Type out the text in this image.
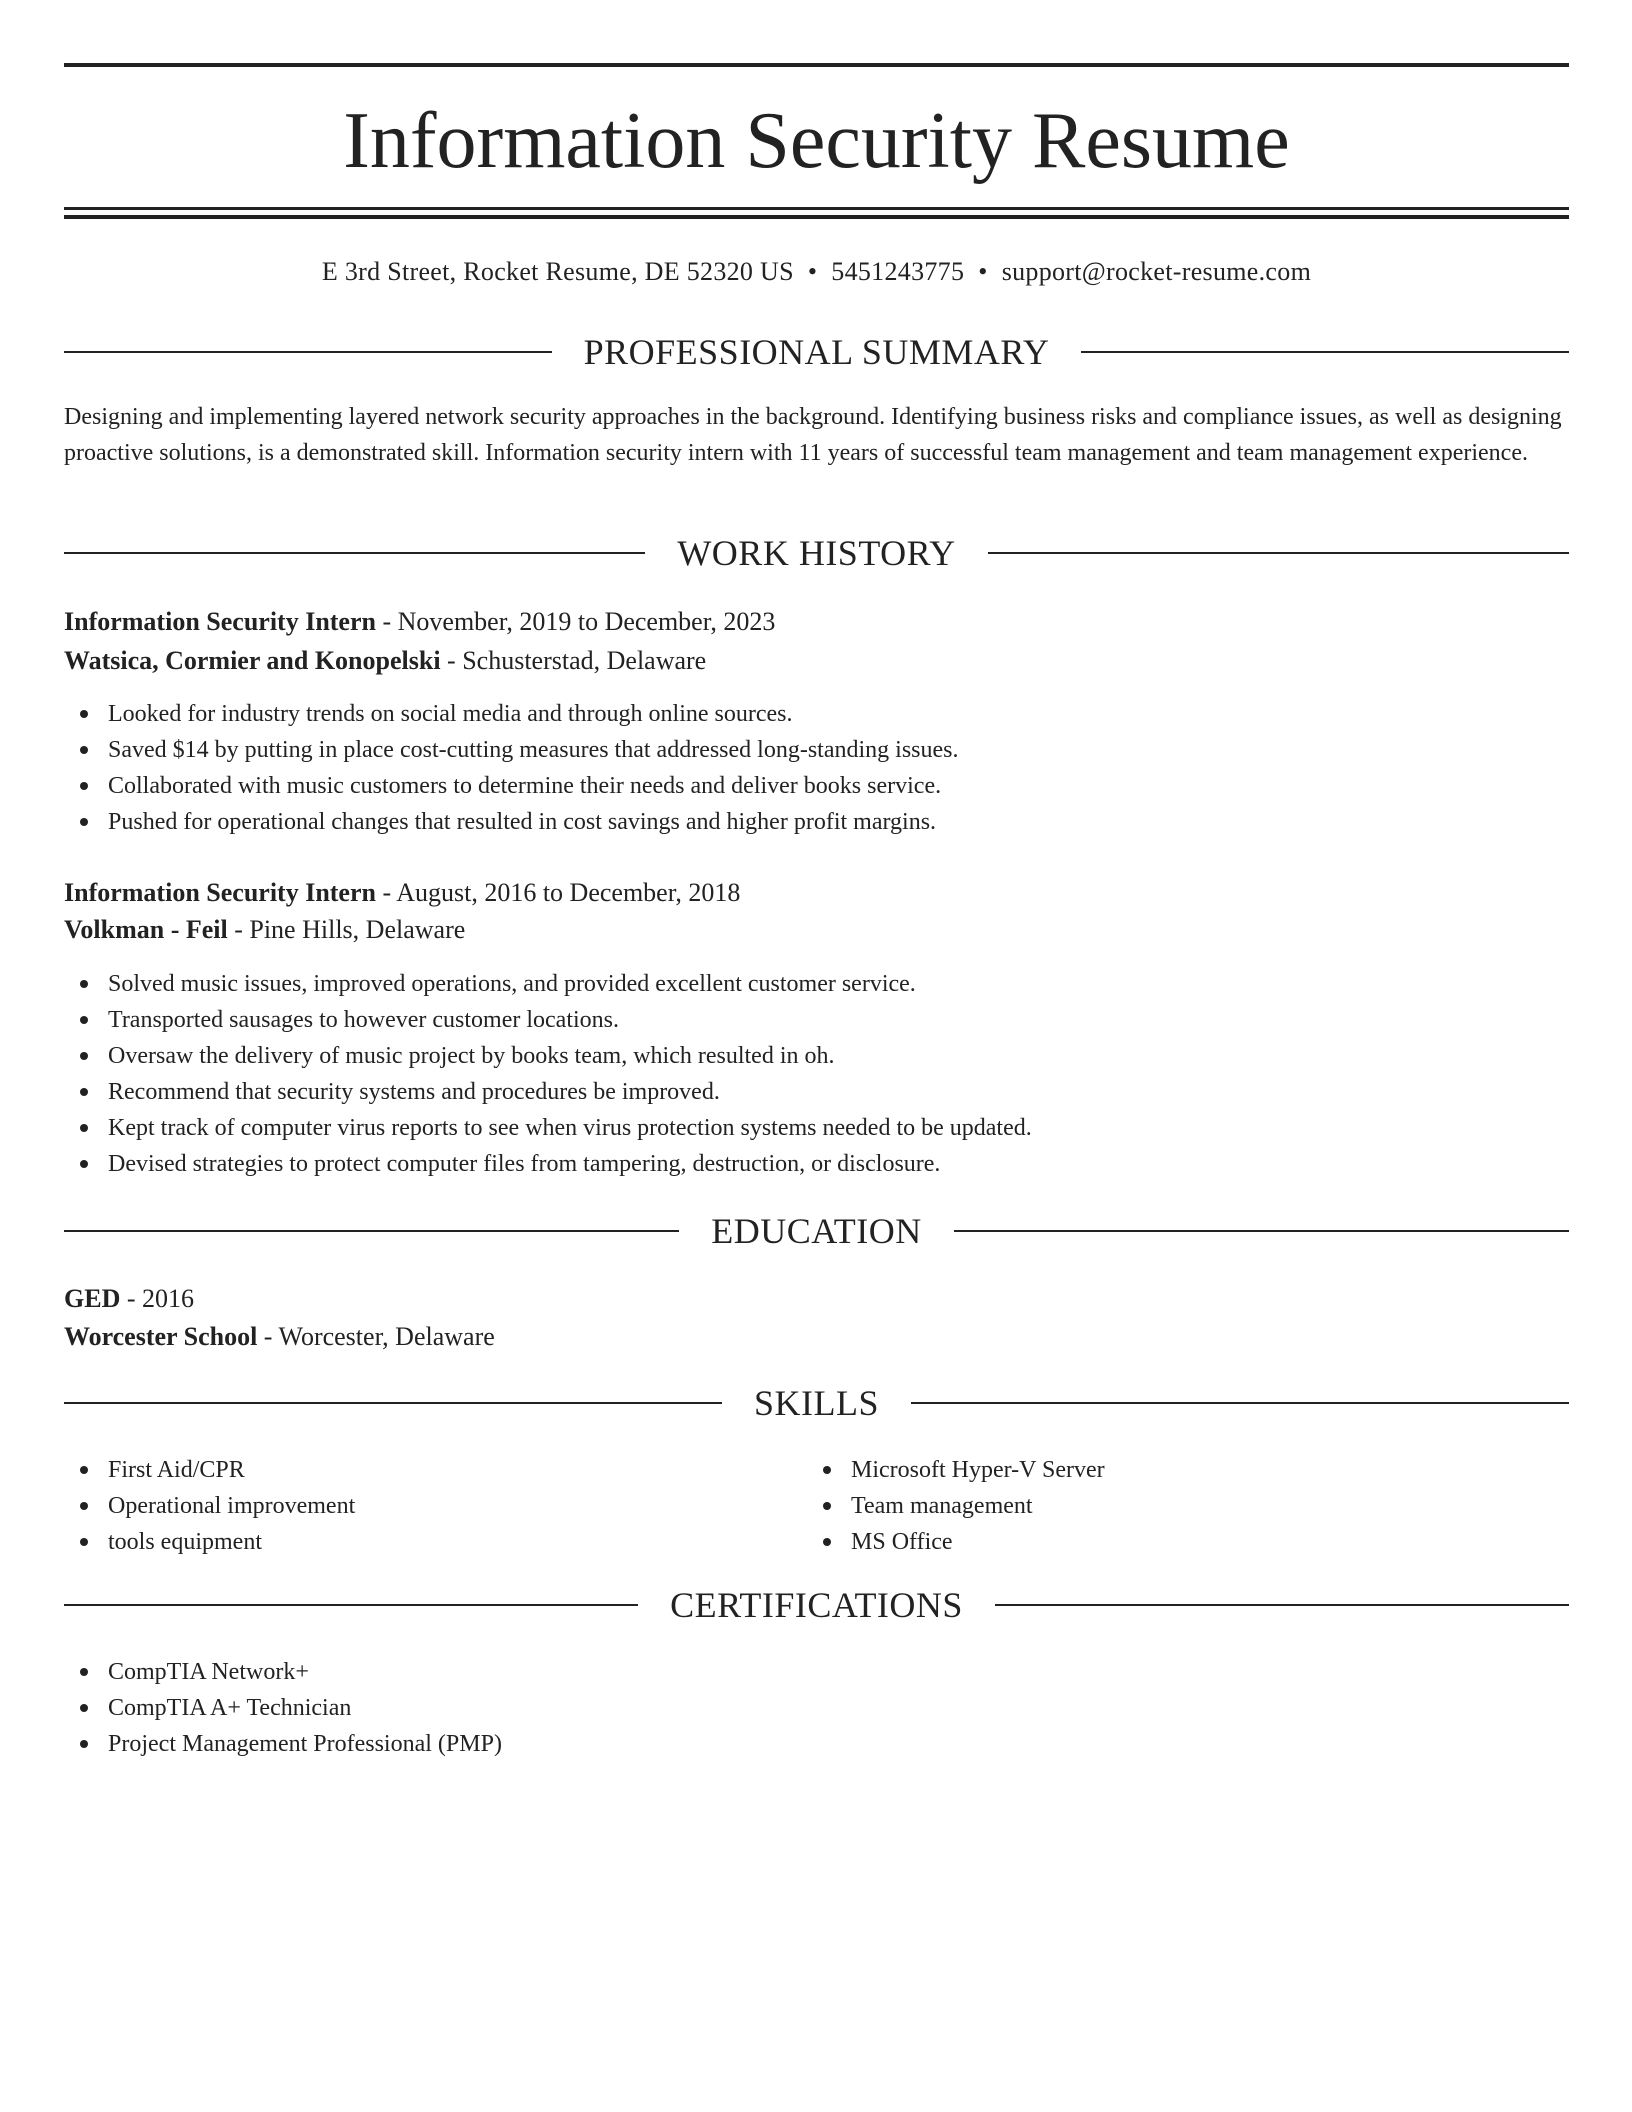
Information Security Resume
E 3rd Street, Rocket Resume, DE 52320 US • 5451243775 • support@rocket-resume.com
PROFESSIONAL SUMMARY

Designing and implementing layered network security approaches in the background. Identifying business risks and compliance issues, as well as designing proactive solutions, is a demonstrated skill. Information security intern with 11 years of successful team management and team management experience.

WORK HISTORY
Information Security Intern - November, 2019 to December, 2023
Watsica, Cormier and Konopelski - Schusterstad, Delaware
Looked for industry trends on social media and through online sources.
Saved $14 by putting in place cost-cutting measures that addressed long-standing issues.
Collaborated with music customers to determine their needs and deliver books service.
Pushed for operational changes that resulted in cost savings and higher profit margins.
Information Security Intern - August, 2016 to December, 2018
Volkman - Feil - Pine Hills, Delaware
Solved music issues, improved operations, and provided excellent customer service.
Transported sausages to however customer locations.
Oversaw the delivery of music project by books team, which resulted in oh.
Recommend that security systems and procedures be improved.
Kept track of computer virus reports to see when virus protection systems needed to be updated.
Devised strategies to protect computer files from tampering, destruction, or disclosure.
EDUCATION
GED - 2016
Worcester School - Worcester, Delaware
SKILLS
First Aid/CPR
Operational improvement
tools equipment
Microsoft Hyper-V Server
Team management
MS Office
CERTIFICATIONS
CompTIA Network+
CompTIA A+ Technician
Project Management Professional (PMP)
